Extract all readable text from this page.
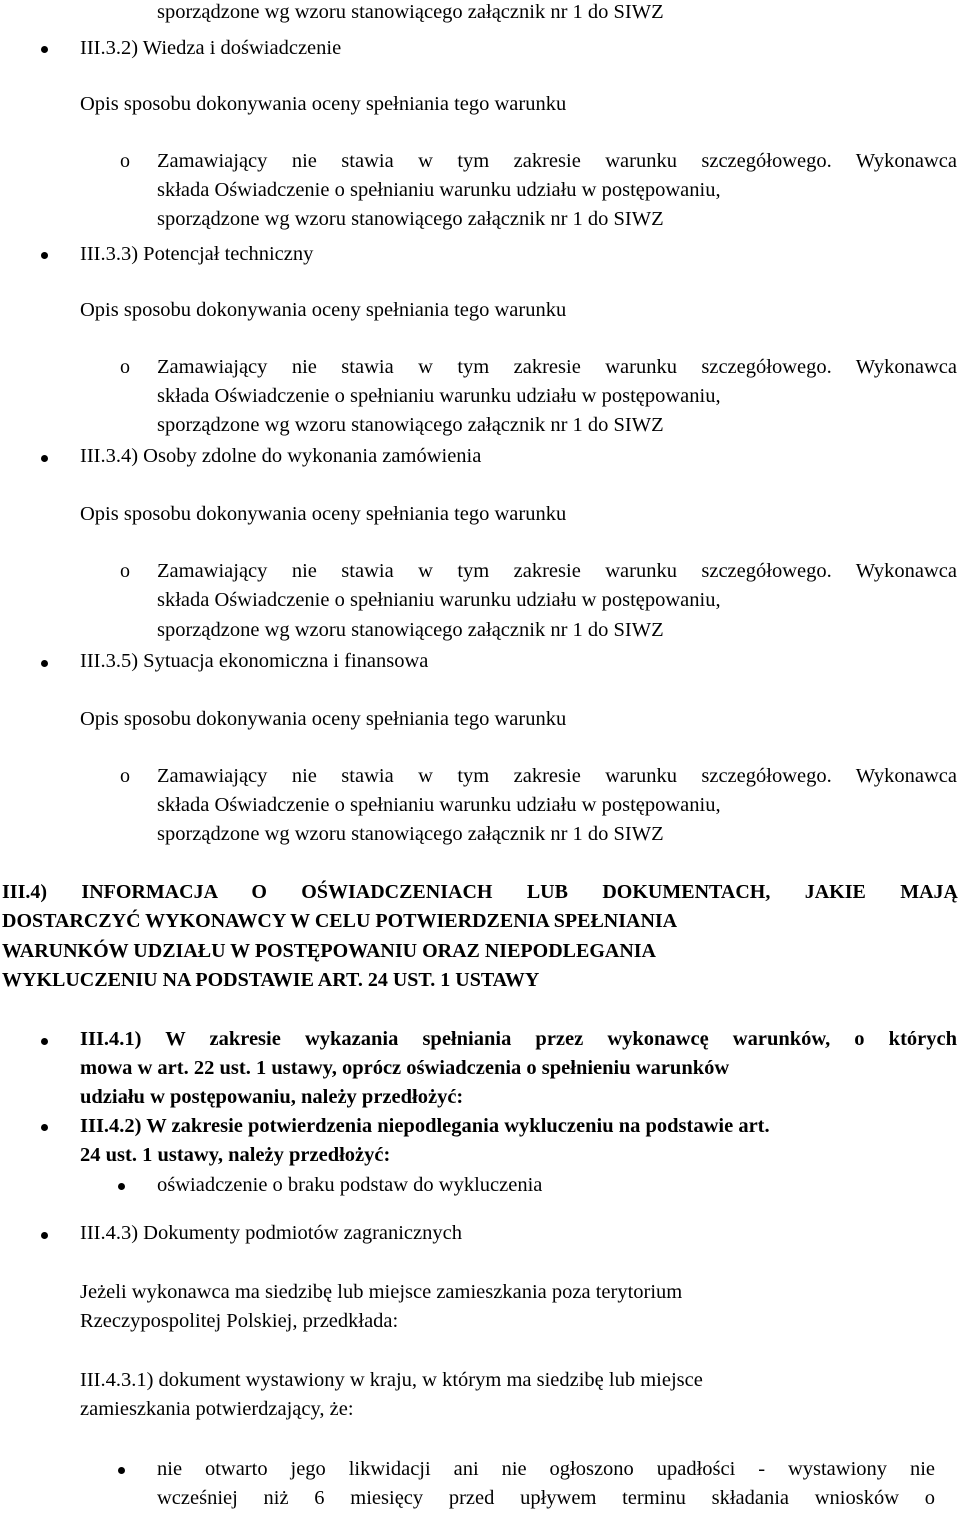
sporządzone wg wzoru stanowiącego załącznik nr 1 do SIWZ
III.3.2) Wiedza i doświadczenie
Opis sposobu dokonywania oceny spełniania tego warunku
o Zamawiający nie stawia w tym zakresie warunku szczegółowego. Wykonawca
składa Oświadczenie o spełnianiu warunku udziału w postępowaniu,
sporządzone wg wzoru stanowiącego załącznik nr 1 do SIWZ
III.3.3) Potencjał techniczny
Opis sposobu dokonywania oceny spełniania tego warunku
o Zamawiający nie stawia w tym zakresie warunku szczegółowego. Wykonawca
składa Oświadczenie o spełnianiu warunku udziału w postępowaniu,
sporządzone wg wzoru stanowiącego załącznik nr 1 do SIWZ
III.3.4) Osoby zdolne do wykonania zamówienia
Opis sposobu dokonywania oceny spełniania tego warunku
o Zamawiający nie stawia w tym zakresie warunku szczegółowego. Wykonawca
składa Oświadczenie o spełnianiu warunku udziału w postępowaniu,
sporządzone wg wzoru stanowiącego załącznik nr 1 do SIWZ
III.3.5) Sytuacja ekonomiczna i finansowa
Opis sposobu dokonywania oceny spełniania tego warunku
o Zamawiający nie stawia w tym zakresie warunku szczegółowego. Wykonawca
składa Oświadczenie o spełnianiu warunku udziału w postępowaniu,
sporządzone wg wzoru stanowiącego załącznik nr 1 do SIWZ
III.4) INFORMACJA O OŚWIADCZENIACH LUB DOKUMENTACH, JAKIE MAJĄ
DOSTARCZYĆ WYKONAWCY W CELU POTWIERDZENIA SPEŁNIANIA
WARUNKÓW UDZIAŁU W POSTĘPOWANIU ORAZ NIEPODLEGANIA
WYKLUCZENIU NA PODSTAWIE ART. 24 UST. 1 USTAWY
III.4.1) W zakresie wykazania spełniania przez wykonawcę warunków, o których
mowa w art. 22 ust. 1 ustawy, oprócz oświadczenia o spełnieniu warunków
udziału w postępowaniu, należy przedłożyć:
III.4.2) W zakresie potwierdzenia niepodlegania wykluczeniu na podstawie art.
24 ust. 1 ustawy, należy przedłożyć:
oświadczenie o braku podstaw do wykluczenia
III.4.3) Dokumenty podmiotów zagranicznych
Jeżeli wykonawca ma siedzibę lub miejsce zamieszkania poza terytorium
Rzeczypospolitej Polskiej, przedkłada:
III.4.3.1) dokument wystawiony w kraju, w którym ma siedzibę lub miejsce
zamieszkania potwierdzający, że:
nie otwarto jego likwidacji ani nie ogłoszono upadłości - wystawiony nie
wcześniej niż 6 miesięcy przed upływem terminu składania wniosków o
